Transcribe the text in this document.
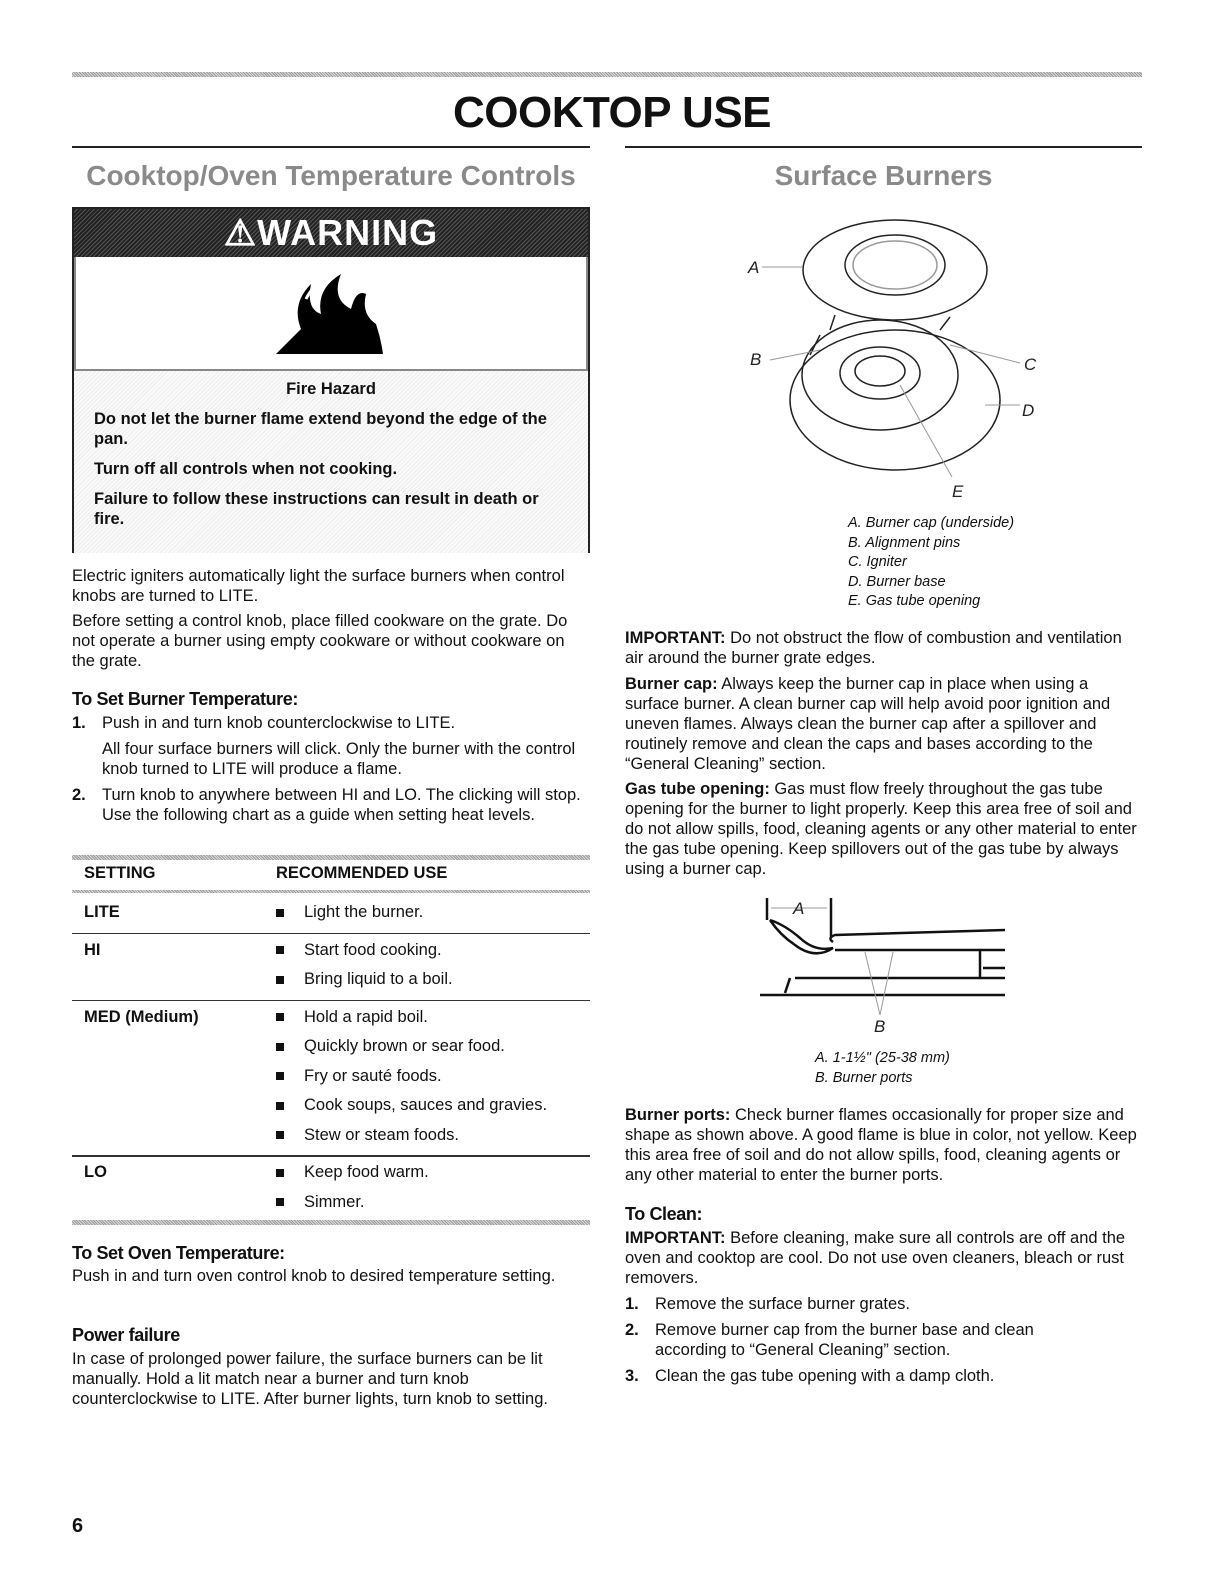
COOKTOP USE
Cooktop/Oven Temperature Controls
⚠WARNING
Fire Hazard
Do not let the burner flame extend beyond the edge of the pan.
Turn off all controls when not cooking.
Failure to follow these instructions can result in death or fire.
Electric igniters automatically light the surface burners when control knobs are turned to LITE.
Before setting a control knob, place filled cookware on the grate. Do not operate a burner using empty cookware or without cookware on the grate.
To Set Burner Temperature:
1. Push in and turn knob counterclockwise to LITE.
All four surface burners will click. Only the burner with the control knob turned to LITE will produce a flame.
2. Turn knob to anywhere between HI and LO. The clicking will stop. Use the following chart as a guide when setting heat levels.
SETTING	RECOMMENDED USE
LITE	Light the burner.
HI	Start food cooking.
Bring liquid to a boil.
MED (Medium)	Hold a rapid boil.
Quickly brown or sear food.
Fry or sauté foods.
Cook soups, sauces and gravies.
Stew or steam foods.
LO	Keep food warm.
Simmer.
To Set Oven Temperature:
Push in and turn oven control knob to desired temperature setting.
Power failure
In case of prolonged power failure, the surface burners can be lit manually. Hold a lit match near a burner and turn knob counterclockwise to LITE. After burner lights, turn knob to setting.
6
Surface Burners
A
B	C
D
E
A. Burner cap (underside)
B. Alignment pins
C. Igniter
D. Burner base
E. Gas tube opening
IMPORTANT: Do not obstruct the flow of combustion and ventilation air around the burner grate edges.
Burner cap: Always keep the burner cap in place when using a surface burner. A clean burner cap will help avoid poor ignition and uneven flames. Always clean the burner cap after a spillover and routinely remove and clean the caps and bases according to the “General Cleaning” section.
Gas tube opening: Gas must flow freely throughout the gas tube opening for the burner to light properly. Keep this area free of soil and do not allow spills, food, cleaning agents or any other material to enter the gas tube opening. Keep spillovers out of the gas tube by always using a burner cap.
A
B
A. 1-1½" (25-38 mm)
B. Burner ports
Burner ports: Check burner flames occasionally for proper size and shape as shown above. A good flame is blue in color, not yellow. Keep this area free of soil and do not allow spills, food, cleaning agents or any other material to enter the burner ports.
To Clean:
IMPORTANT: Before cleaning, make sure all controls are off and the oven and cooktop are cool. Do not use oven cleaners, bleach or rust removers.
1. Remove the surface burner grates.
2. Remove burner cap from the burner base and clean according to “General Cleaning” section.
3. Clean the gas tube opening with a damp cloth.
